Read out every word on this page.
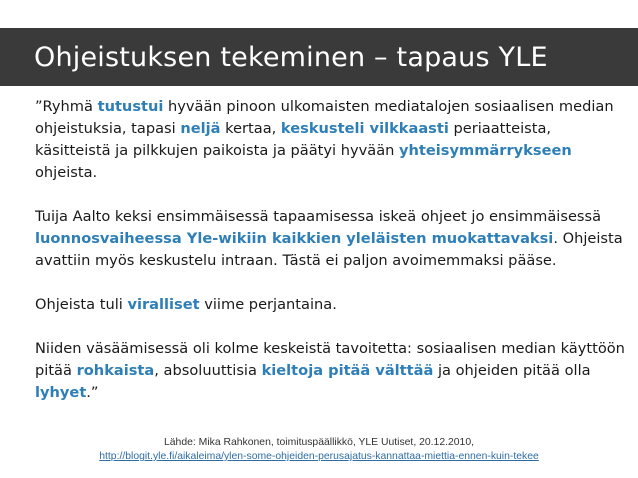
Ohjeistuksen tekeminen – tapaus YLE

”Ryhmä tutustui hyvään pinoon ulkomaisten mediatalojen sosiaalisen median ohjeistuksia, tapasi neljä kertaa, keskusteli vilkkaasti periaatteista, käsitteistä ja pilkkujen paikoista ja päätyi hyvään yhteisymmärrykseen ohjeista.

Tuija Aalto keksi ensimmäisessä tapaamisessa iskeä ohjeet jo ensimmäisessä luonnosvaiheessa Yle-wikiin kaikkien yleläisten muokattavaksi. Ohjeista avattiin myös keskustelu intraan. Tästä ei paljon avoimemmaksi pääse.

Ohjeista tuli viralliset viime perjantaina.

Niiden väsäämisessä oli kolme keskeistä tavoitetta: sosiaalisen median käyttöön pitää rohkaista, absoluuttisia kieltoja pitää välttää ja ohjeiden pitää olla lyhyet.”

Lähde: Mika Rahkonen, toimituspäällikkö, YLE Uutiset, 20.12.2010,
http://blogit.yle.fi/aikaleima/ylen-some-ohjeiden-perusajatus-kannattaa-miettia-ennen-kuin-tekee
